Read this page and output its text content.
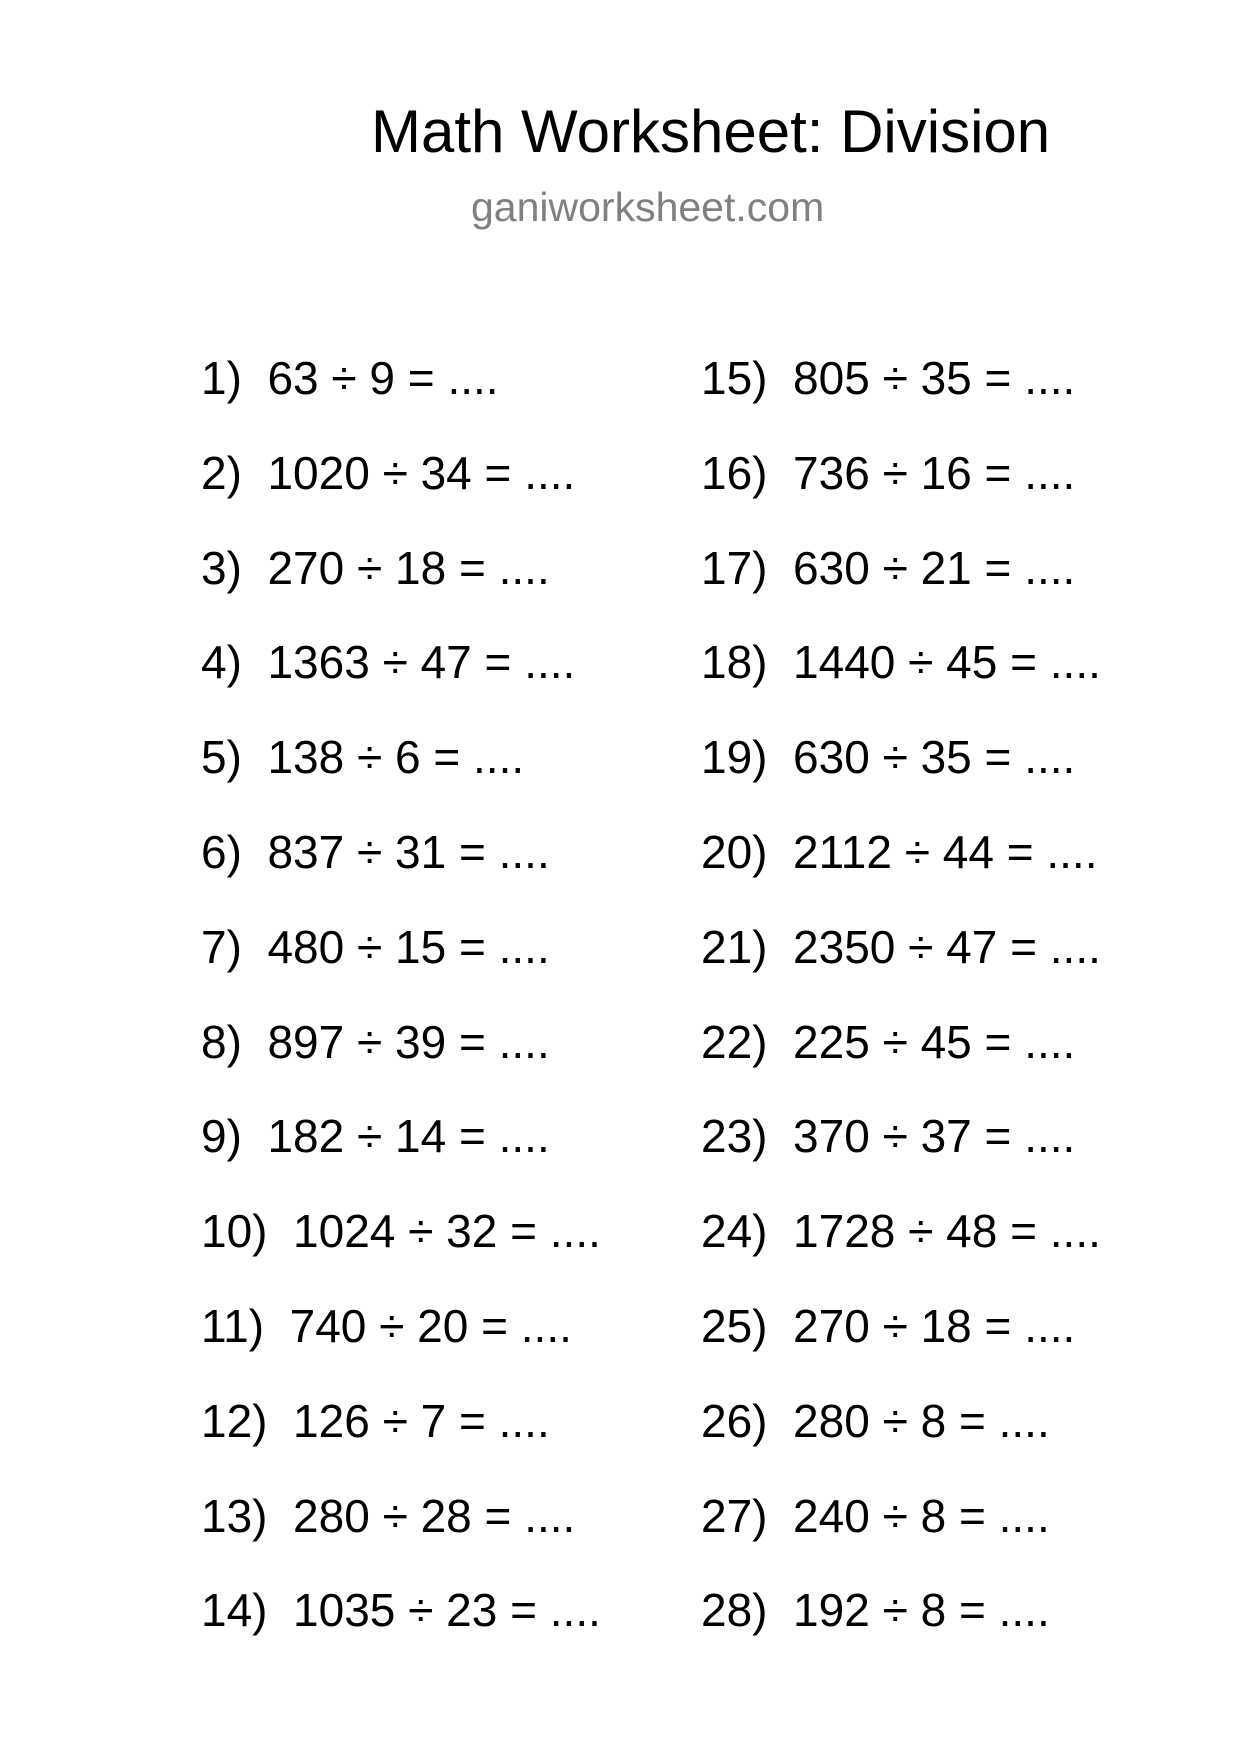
Math Worksheet: Division
ganiworksheet.com
1)  63 ÷ 9 = ....
2)  1020 ÷ 34 = ....
3)  270 ÷ 18 = ....
4)  1363 ÷ 47 = ....
5)  138 ÷ 6 = ....
6)  837 ÷ 31 = ....
7)  480 ÷ 15 = ....
8)  897 ÷ 39 = ....
9)  182 ÷ 14 = ....
10)  1024 ÷ 32 = ....
11)  740 ÷ 20 = ....
12)  126 ÷ 7 = ....
13)  280 ÷ 28 = ....
14)  1035 ÷ 23 = ....
15)  805 ÷ 35 = ....
16)  736 ÷ 16 = ....
17)  630 ÷ 21 = ....
18)  1440 ÷ 45 = ....
19)  630 ÷ 35 = ....
20)  2112 ÷ 44 = ....
21)  2350 ÷ 47 = ....
22)  225 ÷ 45 = ....
23)  370 ÷ 37 = ....
24)  1728 ÷ 48 = ....
25)  270 ÷ 18 = ....
26)  280 ÷ 8 = ....
27)  240 ÷ 8 = ....
28)  192 ÷ 8 = ....
